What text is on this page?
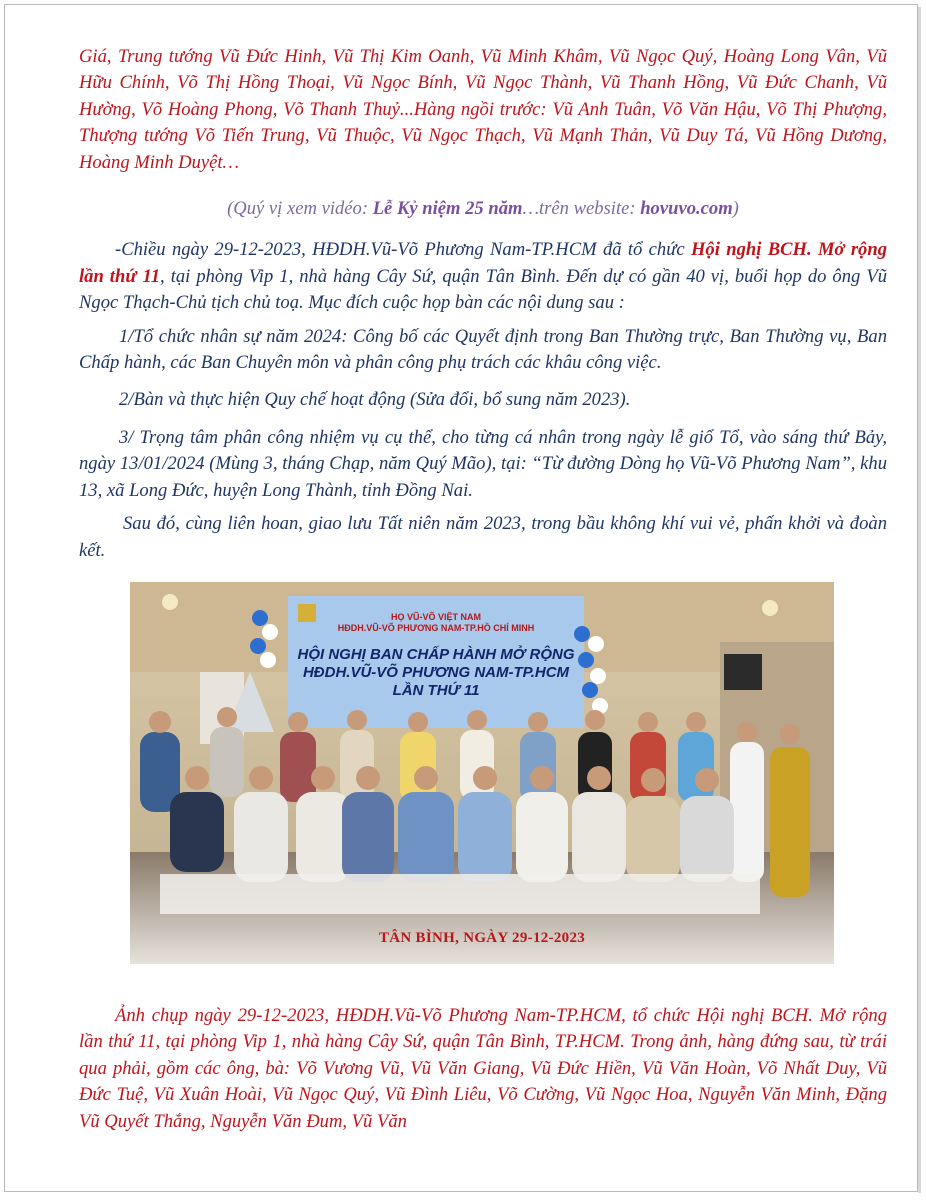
Giá, Trung tướng Vũ Đức Hinh, Vũ Thị Kim Oanh, Vũ Minh Khâm, Vũ Ngọc Quý, Hoàng Long Vân, Vũ Hữu Chính, Võ Thị Hồng Thoại, Vũ Ngọc Bính, Vũ Ngọc Thành, Vũ Thanh Hồng, Vũ Đức Chanh, Vũ Hường, Võ Hoàng Phong, Võ Thanh Thuỷ...Hàng ngồi trước: Vũ Anh Tuân, Võ Văn Hậu, Võ Thị Phượng, Thượng tướng Võ Tiến Trung, Vũ Thuộc, Vũ Ngọc Thạch, Vũ Mạnh Thản, Vũ Duy Tá, Vũ Hồng Dương, Hoàng Minh Duyệt…

(Quý vị xem vidéo: Lễ Kỷ niệm 25 năm…trên website: hovuvo.com)

-Chiều ngày 29-12-2023, HĐDH.Vũ-Võ Phương Nam-TP.HCM đã tổ chức Hội nghị BCH. Mở rộng lần thứ 11, tại phòng Vip 1, nhà hàng Cây Sứ, quận Tân Bình. Đến dự có gần 40 vị, buổi họp do ông Vũ Ngọc Thạch-Chủ tịch chủ toạ. Mục đích cuộc họp bàn các nội dung sau :

1/Tổ chức nhân sự năm 2024: Công bố các Quyết định trong Ban Thường trực, Ban Thường vụ, Ban Chấp hành, các Ban Chuyên môn và phân công phụ trách các khâu công việc.

2/Bàn và thực hiện Quy chế hoạt động (Sửa đổi, bổ sung năm 2023).

3/ Trọng tâm phân công nhiệm vụ cụ thể, cho từng cá nhân trong ngày lễ giổ Tổ, vào sáng thứ Bảy, ngày 13/01/2024 (Mùng 3, tháng Chạp, năm Quý Mão), tại: “Từ đường Dòng họ Vũ-Võ Phương Nam”, khu 13, xã Long Đức, huyện Long Thành, tỉnh Đồng Nai.

Sau đó, cùng liên hoan, giao lưu Tất niên năm 2023, trong bầu không khí vui vẻ, phấn khởi và đoàn kết.

HỌ VŨ-VÕ VIỆT NAM
HĐDH.VŨ-VÕ PHƯƠNG NAM-TP.HỒ CHÍ MINH
HỘI NGHỊ BAN CHẤP HÀNH MỞ RỘNG
HĐDH.VŨ-VÕ PHƯƠNG NAM-TP.HCM
LẦN THỨ 11
TÂN BÌNH, NGÀY 29-12-2023

Ảnh chụp ngày 29-12-2023, HĐDH.Vũ-Võ Phương Nam-TP.HCM, tổ chức Hội nghị BCH. Mở rộng lần thứ 11, tại phòng Vip 1, nhà hàng Cây Sứ, quận Tân Bình, TP.HCM. Trong ảnh, hàng đứng sau, từ trái qua phải, gồm các ông, bà: Võ Vương Vũ, Vũ Văn Giang, Vũ Đức Hiền, Vũ Văn Hoàn, Võ Nhất Duy, Vũ Đức Tuệ, Vũ Xuân Hoài, Vũ Ngọc Quý, Vũ Đình Liêu, Võ Cường, Vũ Ngọc Hoa, Nguyễn Văn Minh, Đặng Vũ Quyết Thắng, Nguyễn Văn Đum, Vũ Văn
